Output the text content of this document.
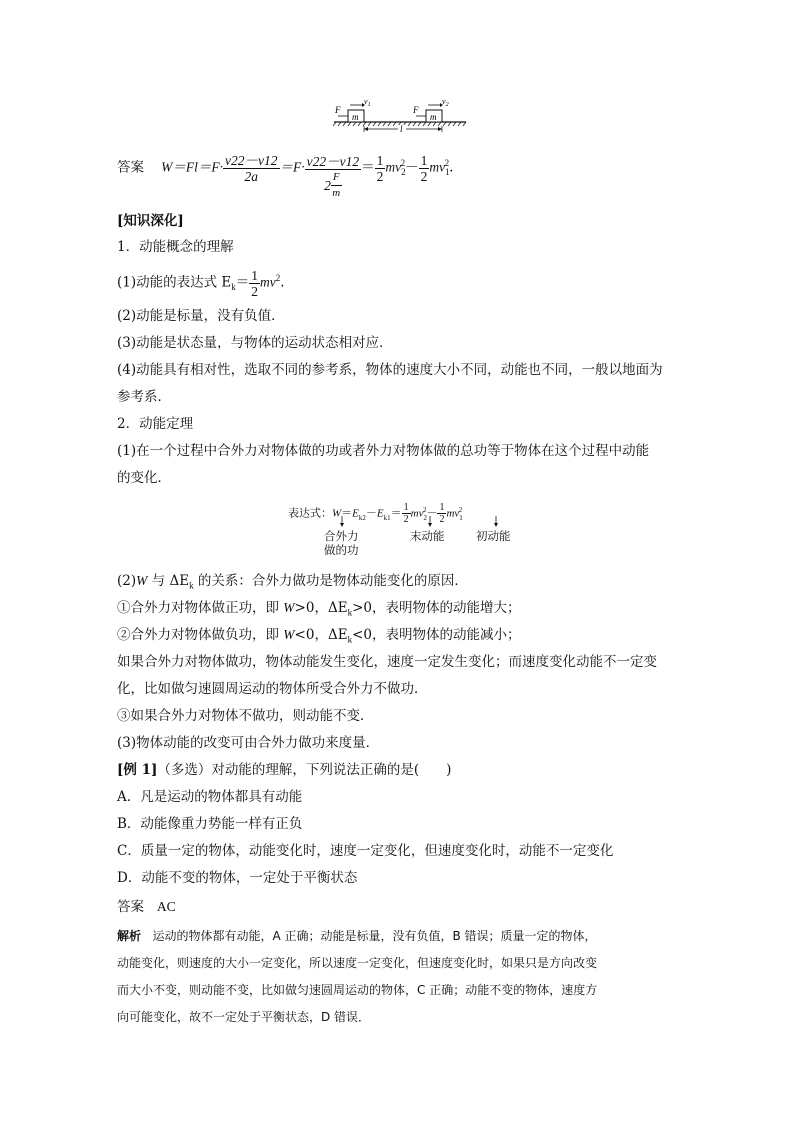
m
F
$v_1$
m
F
$v_2$
l
答案 $W=Fl=F\cdot \frac{v22-v12}{2a} =F\cdot \frac{v22-v12}{2 \frac{F}{m}} = \frac{1}{2} mv_2^2- \frac{1}{2} mv_1^2$.
[知识深化]
1．动能概念的理解
(1)动能的表达式 $E_k= \frac{1}{2} mv^2$.
(2)动能是标量，没有负值．
(3)动能是状态量，与物体的运动状态相对应．
(4)动能具有相对性，选取不同的参考系，物体的速度大小不同，动能也不同，一般以地面为
参考系．
2．动能定理
(1)在一个过程中合外力对物体做的功或者外力对物体做的总功等于物体在这个过程中动能
的变化．
表达式：$W=E_{k2}-E_{k1}= \frac{1}{2} mv_2^2- \frac{1}{2} mv_1^2$
合外力
做的功
末动能	初动能
(2)W 与 $\Delta E_k$ 的关系：合外力做功是物体动能变化的原因．
①合外力对物体做正功，即 W>0，$\Delta E_k>0$，表明物体的动能增大；
②合外力对物体做负功，即 W<0，$\Delta E_k<0$，表明物体的动能减小；
如果合外力对物体做功，物体动能发生变化，速度一定发生变化；而速度变化动能不一定变
化，比如做匀速圆周运动的物体所受合外力不做功．
③如果合外力对物体不做功，则动能不变．
(3)物体动能的改变可由合外力做功来度量．
[例 1]（多选）对动能的理解，下列说法正确的是(　　)
A．凡是运动的物体都具有动能
B．动能像重力势能一样有正负
C．质量一定的物体，动能变化时，速度一定变化，但速度变化时，动能不一定变化
D．动能不变的物体，一定处于平衡状态
答案 AC
解析 运动的物体都有动能，A 正确；动能是标量，没有负值，B 错误；质量一定的物体，
动能变化，则速度的大小一定变化，所以速度一定变化，但速度变化时，如果只是方向改变
而大小不变，则动能不变，比如做匀速圆周运动的物体，C 正确；动能不变的物体，速度方
向可能变化，故不一定处于平衡状态，D 错误．
